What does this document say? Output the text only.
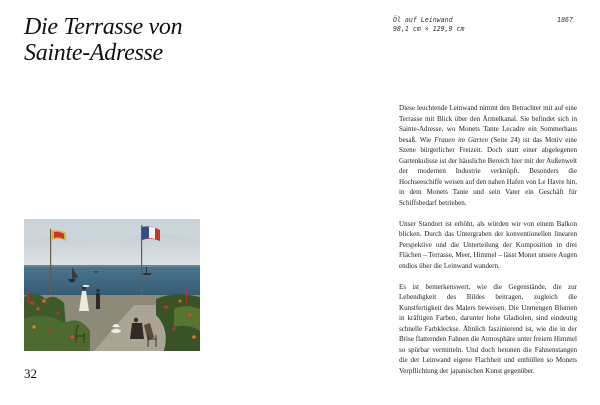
Die Terrasse von
Sainte-Adresse
Öl auf Leinwand
98,1 cm × 129,9 cm
1867
32

Diese leuchtende Leinwand nimmt den Betrachter mit auf eine Terrasse mit Blick über den Ärmelkanal. Sie befindet sich in Sainte-Adresse, wo Monets Tante Lecadre ein Sommerhaus besaß. Wie Frauen im Garten (Seite 24) ist das Motiv eine Szene bürgerlicher Freizeit. Doch statt einer abgelegenen Gartenkulisse ist der häusliche Bereich hier mit der Außenwelt der modernen Industrie verknüpft. Besonders die Hochseeschiffe weisen auf den nahen Hafen von Le Havre hin, in dem Monets Tante und sein Vater ein Geschäft für Schiffsbedarf betrieben.

Unser Standort ist erhöht, als würden wir von einem Balkon blicken. Durch das Untergraben der konventionellen linearen Perspektive und die Unterteilung der Komposition in drei Flächen – Terrasse, Meer, Himmel – lässt Monet unsere Augen endlos über die Leinwand wandern.

Es ist bemerkenswert, wie die Gegenstände, die zur Lebendigkeit des Bildes beitragen, zugleich die Kunstfertigkeit des Malers beweisen. Die Unmengen Blumen in kräftigen Farben, darunter hohe Gladiolen, sind eindeutig schnelle Farbkleckse. Ähnlich faszinierend ist, wie die in der Brise flatternden Fahnen die Atmosphäre unter freiem Himmel so spürbar vermitteln. Und doch betonen die Fahnenstangen die der Leinwand eigene Flachheit und enthüllen so Monets Verpflichtung der japanischen Kunst gegenüber.
